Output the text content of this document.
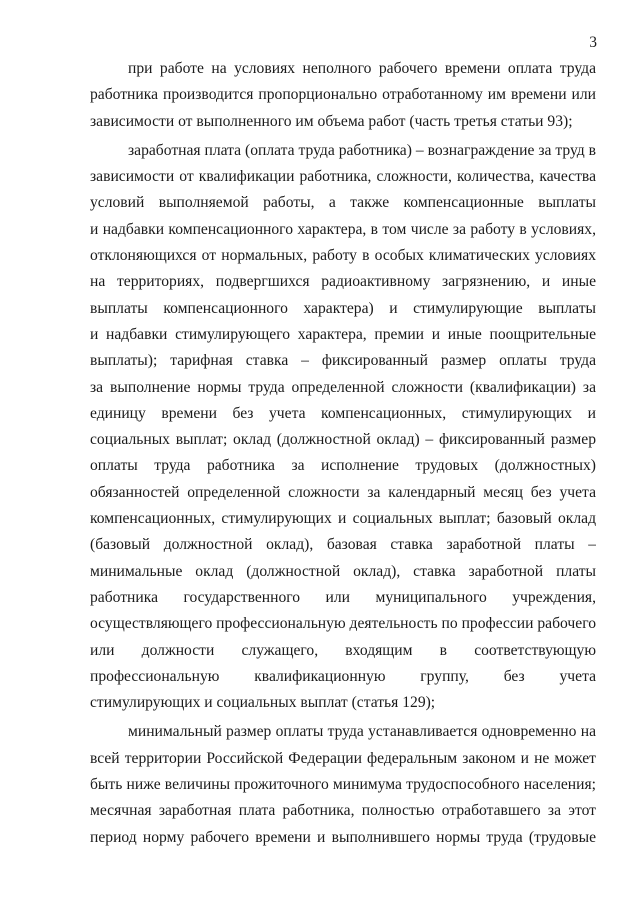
3
при работе на условиях неполного рабочего времени оплата труда
работника производится пропорционально отработанному им времени или
зависимости от выполненного им объема работ (часть третья статьи 93);
заработная плата (оплата труда работника) – вознаграждение за труд в
зависимости от квалификации работника, сложности, количества, качества
условий выполняемой работы, а также компенсационные выплаты
и надбавки компенсационного характера, в том числе за работу в условиях,
отклоняющихся от нормальных, работу в особых климатических условиях
на территориях, подвергшихся радиоактивному загрязнению, и иные
выплаты компенсационного характера) и стимулирующие выплаты
и надбавки стимулирующего характера, премии и иные поощрительные
выплаты); тарифная ставка – фиксированный размер оплаты труда
за выполнение нормы труда определенной сложности (квалификации) за
единицу времени без учета компенсационных, стимулирующих и
социальных выплат; оклад (должностной оклад) – фиксированный размер
оплаты труда работника за исполнение трудовых (должностных)
обязанностей определенной сложности за календарный месяц без учета
компенсационных, стимулирующих и социальных выплат; базовый оклад
(базовый должностной оклад), базовая ставка заработной платы –
минимальные оклад (должностной оклад), ставка заработной платы
работника государственного или муниципального учреждения,
осуществляющего профессиональную деятельность по профессии рабочего
или должности служащего, входящим в соответствующую
профессиональную квалификационную группу, без учета
стимулирующих и социальных выплат (статья 129);
минимальный размер оплаты труда устанавливается одновременно на
всей территории Российской Федерации федеральным законом и не может
быть ниже величины прожиточного минимума трудоспособного населения;
месячная заработная плата работника, полностью отработавшего за этот
период норму рабочего времени и выполнившего нормы труда (трудовые
